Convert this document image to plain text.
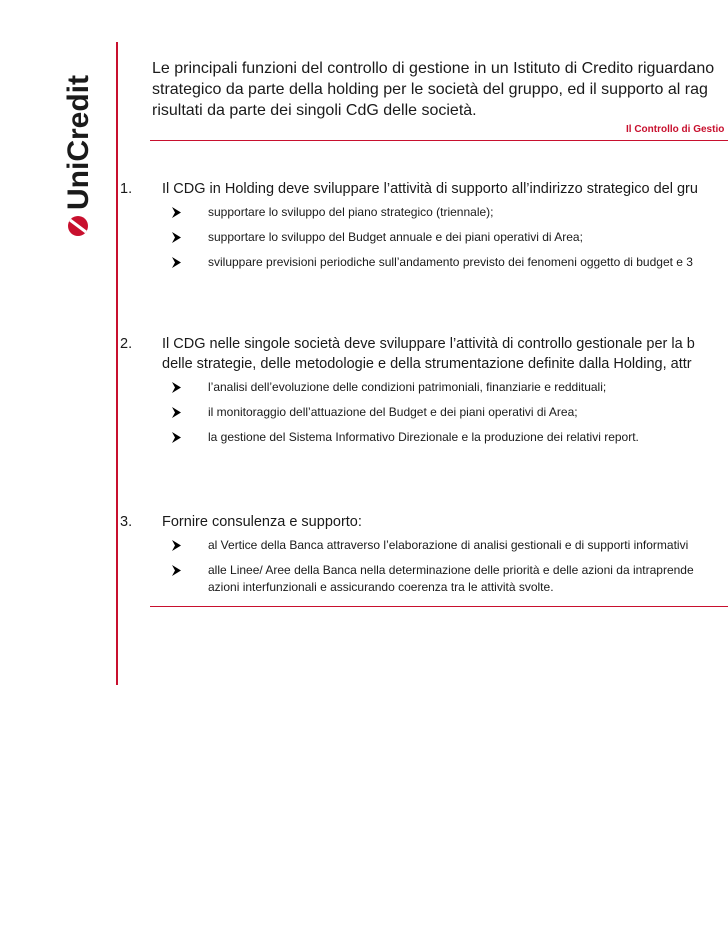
UniCredit
Le principali funzioni del controllo di gestione in un Istituto di Credito riguardano
strategico da parte della holding per le società del gruppo, ed il supporto al rag
risultati da parte dei singoli CdG delle società.
Il Controllo di Gestio
1.	Il CDG in Holding deve sviluppare l’attività di supporto all’indirizzo strategico del gru
supportare lo sviluppo del piano strategico (triennale);
supportare lo sviluppo del Budget annuale e dei piani operativi di Area;
sviluppare previsioni periodiche sull’andamento previsto dei fenomeni oggetto di budget e 3
2.	Il CDG nelle singole società deve sviluppare l’attività di controllo gestionale per la b
delle strategie, delle metodologie e della strumentazione definite dalla Holding, attr
l’analisi dell’evoluzione delle condizioni patrimoniali, finanziarie e reddituali;
il monitoraggio dell’attuazione del Budget e dei piani operativi di Area;
la gestione del Sistema Informativo Direzionale e la produzione dei relativi report.
3.	Fornire consulenza e supporto:
al Vertice della Banca attraverso l’elaborazione di analisi gestionali e di supporti informativi
alle Linee/ Aree della Banca nella determinazione delle priorità e delle azioni da intraprende
azioni interfunzionali e assicurando coerenza tra le attività svolte.
